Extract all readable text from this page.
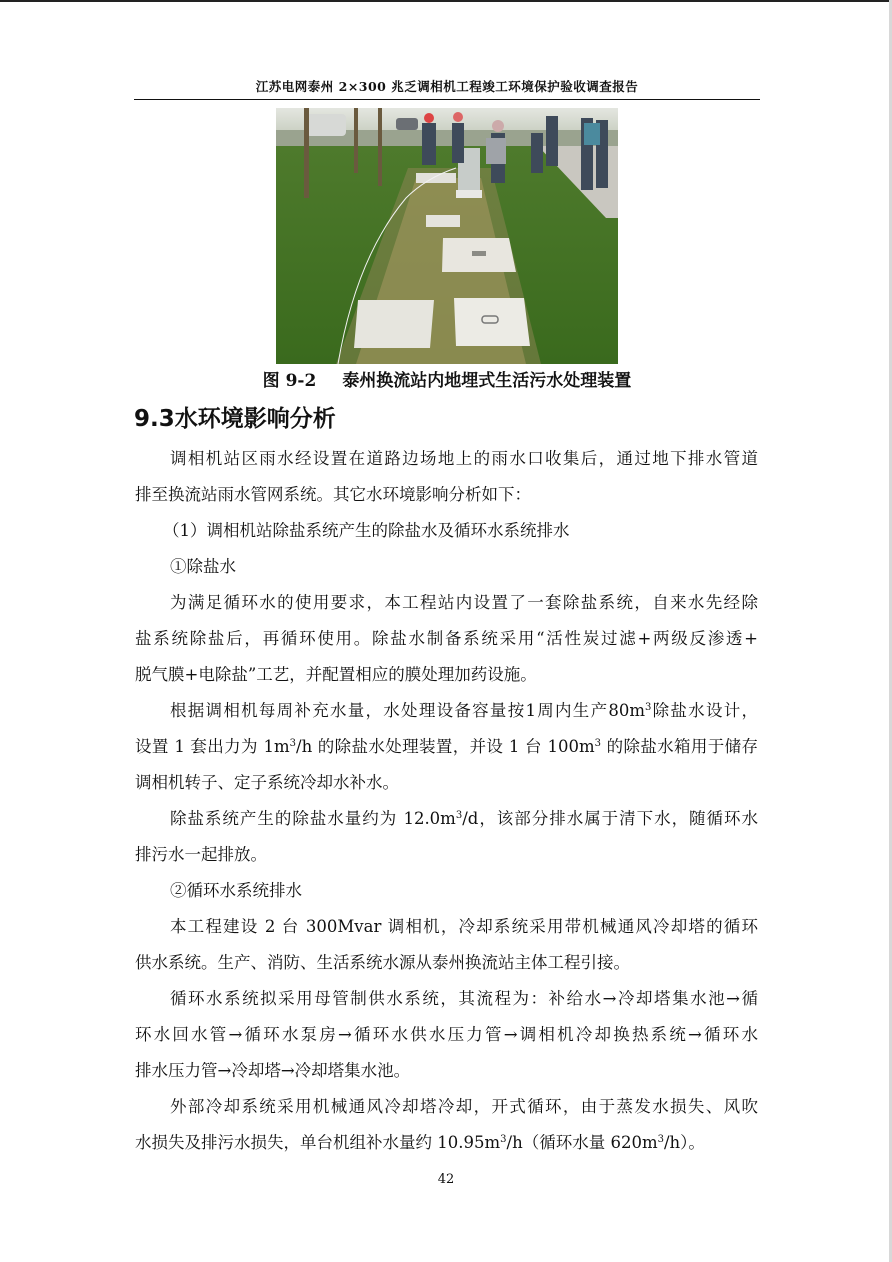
江苏电网泰州 2×300 兆乏调相机工程竣工环境保护验收调查报告
图 9-2 泰州换流站内地埋式生活污水处理装置
9.3水环境影响分析
调相机站区雨水经设置在道路边场地上的雨水口收集后，通过地下排水管道
排至换流站雨水管网系统。其它水环境影响分析如下：
（1）调相机站除盐系统产生的除盐水及循环水系统排水
①除盐水
为满足循环水的使用要求，本工程站内设置了一套除盐系统，自来水先经除
盐系统除盐后，再循环使用。除盐水制备系统采用“活性炭过滤+两级反渗透+
脱气膜+电除盐”工艺，并配置相应的膜处理加药设施。
根据调相机每周补充水量，水处理设备容量按1周内生产$80m^3$除盐水设计，
设置 1 套出力为 $1m^3/h$ 的除盐水处理装置，并设 1 台 $100m^3$ 的除盐水箱用于储存
调相机转子、定子系统冷却水补水。
除盐系统产生的除盐水量约为 $12.0m^3/d$，该部分排水属于清下水，随循环水
排污水一起排放。
②循环水系统排水
本工程建设 2 台 300Mvar 调相机，冷却系统采用带机械通风冷却塔的循环
供水系统。生产、消防、生活系统水源从泰州换流站主体工程引接。
循环水系统拟采用母管制供水系统，其流程为：补给水→冷却塔集水池→循
环水回水管→循环水泵房→循环水供水压力管→调相机冷却换热系统→循环水
排水压力管→冷却塔→冷却塔集水池。
外部冷却系统采用机械通风冷却塔冷却，开式循环，由于蒸发水损失、风吹
水损失及排污水损失，单台机组补水量约 $10.95m^3/h$（循环水量 $620m^3/h$）。
42
